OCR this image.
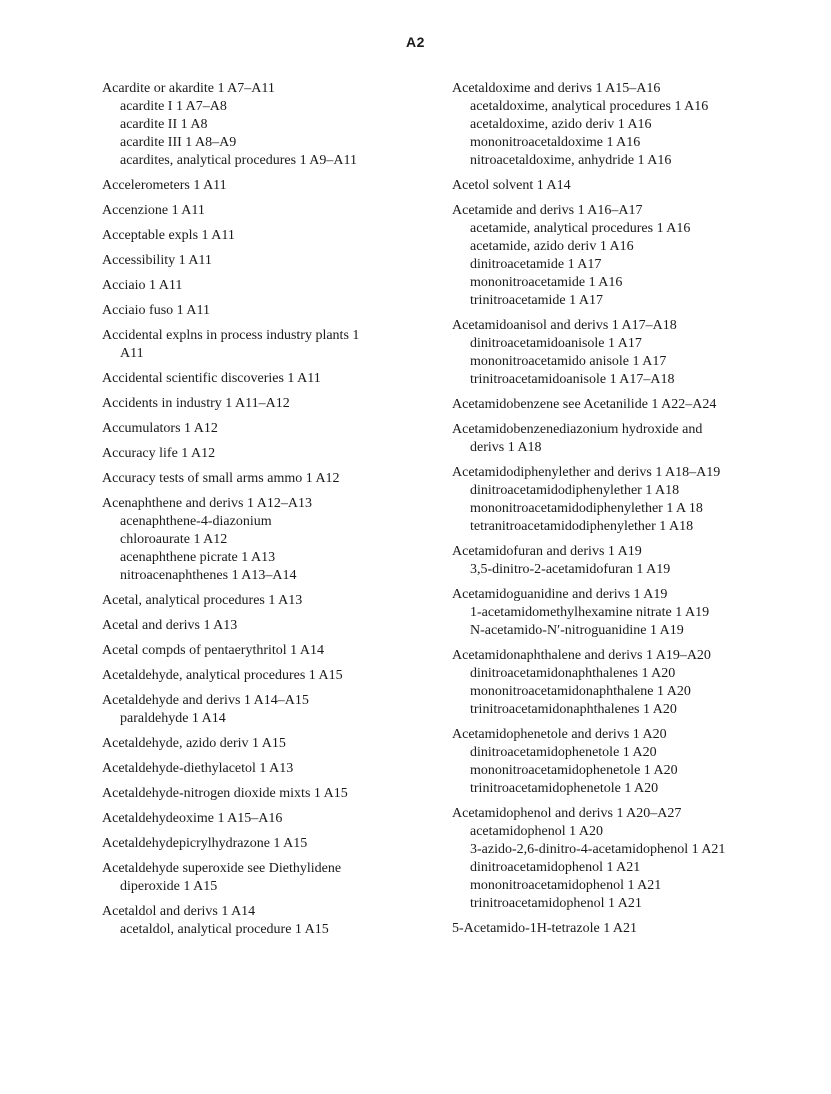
A2
Acardite or akardite 1 A7–A11
acardite I 1 A7–A8
acardite II 1 A8
acardite III 1 A8–A9
acardites, analytical procedures 1 A9–A11
Accelerometers 1 A11
Accenzione 1 A11
Acceptable expls 1 A11
Accessibility 1 A11
Acciaio 1 A11
Acciaio fuso 1 A11
Accidental explns in process industry plants 1
A11
Accidental scientific discoveries 1 A11
Accidents in industry 1 A11–A12
Accumulators 1 A12
Accuracy life 1 A12
Accuracy tests of small arms ammo 1 A12
Acenaphthene and derivs 1 A12–A13
acenaphthene-4-diazonium
chloroaurate 1 A12
acenaphthene picrate 1 A13
nitroacenaphthenes 1 A13–A14
Acetal, analytical procedures 1 A13
Acetal and derivs 1 A13
Acetal compds of pentaerythritol 1 A14
Acetaldehyde, analytical procedures 1 A15
Acetaldehyde and derivs 1 A14–A15
paraldehyde 1 A14
Acetaldehyde, azido deriv 1 A15
Acetaldehyde-diethylacetol 1 A13
Acetaldehyde-nitrogen dioxide mixts 1 A15
Acetaldehydeoxime 1 A15–A16
Acetaldehydepicrylhydrazone 1 A15
Acetaldehyde superoxide see Diethylidene
diperoxide 1 A15
Acetaldol and derivs 1 A14
acetaldol, analytical procedure 1 A15
Acetaldoxime and derivs 1 A15–A16
acetaldoxime, analytical procedures 1 A16
acetaldoxime, azido deriv 1 A16
mononitroacetaldoxime 1 A16
nitroacetaldoxime, anhydride 1 A16
Acetol solvent 1 A14
Acetamide and derivs 1 A16–A17
acetamide, analytical procedures 1 A16
acetamide, azido deriv 1 A16
dinitroacetamide 1 A17
mononitroacetamide 1 A16
trinitroacetamide 1 A17
Acetamidoanisol and derivs 1 A17–A18
dinitroacetamidoanisole 1 A17
mononitroacetamido anisole 1 A17
trinitroacetamidoanisole 1 A17–A18
Acetamidobenzene see Acetanilide 1 A22–A24
Acetamidobenzenediazonium hydroxide and
derivs 1 A18
Acetamidodiphenylether and derivs 1 A18–A19
dinitroacetamidodiphenylether 1 A18
mononitroacetamidodiphenylether 1 A 18
tetranitroacetamidodiphenylether 1 A18
Acetamidofuran and derivs 1 A19
3,5-dinitro-2-acetamidofuran 1 A19
Acetamidoguanidine and derivs 1 A19
1-acetamidomethylhexamine nitrate 1 A19
N-acetamido-N′-nitroguanidine 1 A19
Acetamidonaphthalene and derivs 1 A19–A20
dinitroacetamidonaphthalenes 1 A20
mononitroacetamidonaphthalene 1 A20
trinitroacetamidonaphthalenes 1 A20
Acetamidophenetole and derivs 1 A20
dinitroacetamidophenetole 1 A20
mononitroacetamidophenetole 1 A20
trinitroacetamidophenetole 1 A20
Acetamidophenol and derivs 1 A20–A27
acetamidophenol 1 A20
3-azido-2,6-dinitro-4-acetamidophenol 1 A21
dinitroacetamidophenol 1 A21
mononitroacetamidophenol 1 A21
trinitroacetamidophenol 1 A21
5-Acetamido-1H-tetrazole 1 A21
